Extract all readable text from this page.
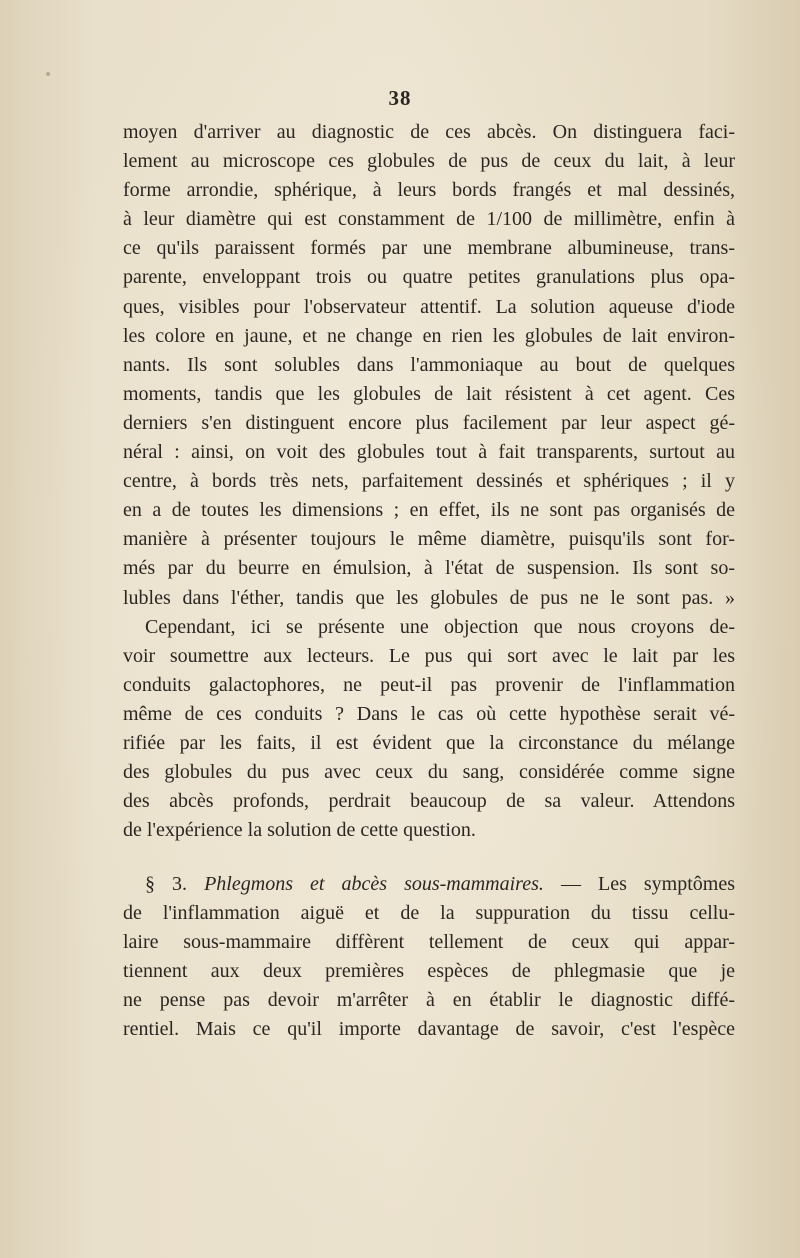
38
moyen d'arriver au diagnostic de ces abcès. On distinguera faci-
lement au microscope ces globules de pus de ceux du lait, à leur
forme arrondie, sphérique, à leurs bords frangés et mal dessinés,
à leur diamètre qui est constamment de 1/100 de millimètre, enfin à
ce qu'ils paraissent formés par une membrane albumineuse, trans-
parente, enveloppant trois ou quatre petites granulations plus opa-
ques, visibles pour l'observateur attentif. La solution aqueuse d'iode
les colore en jaune, et ne change en rien les globules de lait environ-
nants. Ils sont solubles dans l'ammoniaque au bout de quelques
moments, tandis que les globules de lait résistent à cet agent. Ces
derniers s'en distinguent encore plus facilement par leur aspect gé-
néral : ainsi, on voit des globules tout à fait transparents, surtout au
centre, à bords très nets, parfaitement dessinés et sphériques ; il y
en a de toutes les dimensions ; en effet, ils ne sont pas organisés de
manière à présenter toujours le même diamètre, puisqu'ils sont for-
més par du beurre en émulsion, à l'état de suspension. Ils sont so-
lubles dans l'éther, tandis que les globules de pus ne le sont pas. »
Cependant, ici se présente une objection que nous croyons de-
voir soumettre aux lecteurs. Le pus qui sort avec le lait par les
conduits galactophores, ne peut-il pas provenir de l'inflammation
même de ces conduits ? Dans le cas où cette hypothèse serait vé-
rifiée par les faits, il est évident que la circonstance du mélange
des globules du pus avec ceux du sang, considérée comme signe
des abcès profonds, perdrait beaucoup de sa valeur. Attendons
de l'expérience la solution de cette question.
§ 3. Phlegmons et abcès sous-mammaires. — Les symptômes
de l'inflammation aiguë et de la suppuration du tissu cellu-
laire sous-mammaire diffèrent tellement de ceux qui appar-
tiennent aux deux premières espèces de phlegmasie que je
ne pense pas devoir m'arrêter à en établir le diagnostic diffé-
rentiel. Mais ce qu'il importe davantage de savoir, c'est l'espèce
